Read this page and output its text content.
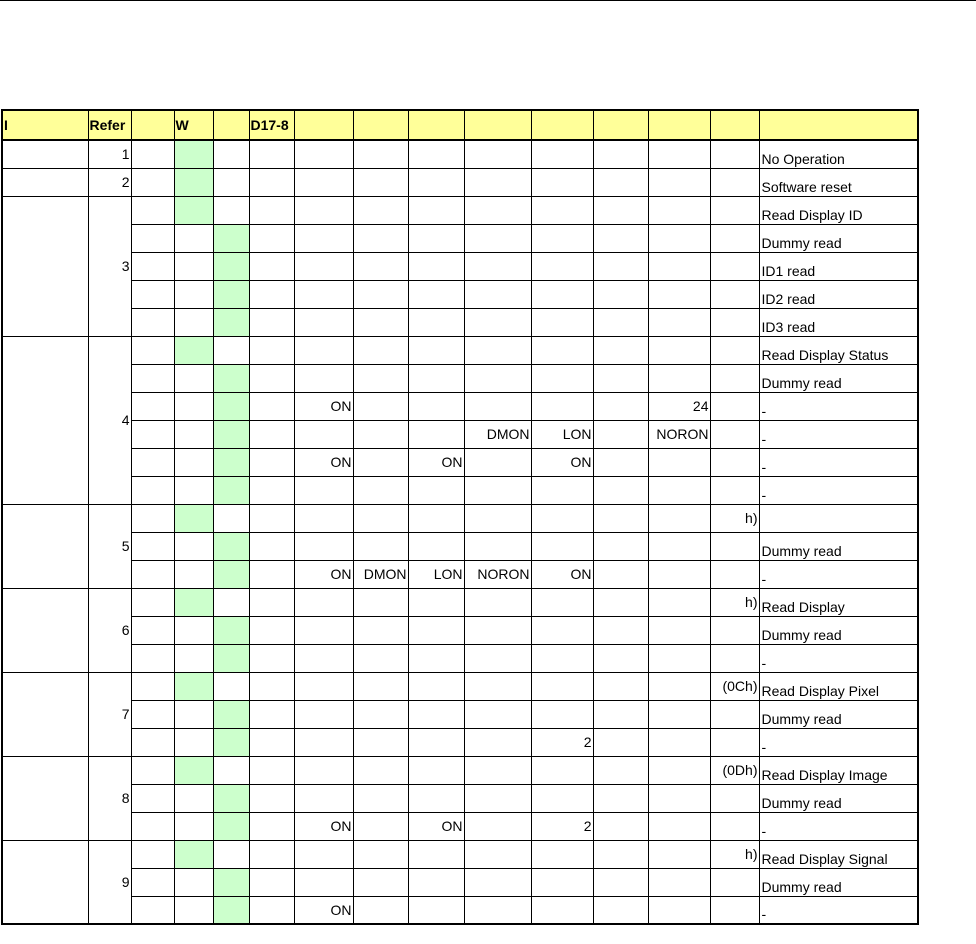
I	Refer		W		D17-8									
	1													No Operation
	2													Software reset
	3													Read Display ID
														Dummy read
														ID1 read
														ID2 read
														ID3 read
	4													Read Display Status
														Dummy read
						ON						24		-
									DMON	LON		NORON		-
						ON		ON		ON				-
														-
	5												h)	
														Dummy read
						ON	DMON	LON	NORON	ON				-
	6												h)	Read Display
														Dummy read
														-
	7												(0Ch)	Read Display Pixel
														Dummy read
										2				-
	8												(0Dh)	Read Display Image
														Dummy read
						ON		ON		2				-
	9												h)	Read Display Signal
														Dummy read
						ON								-
